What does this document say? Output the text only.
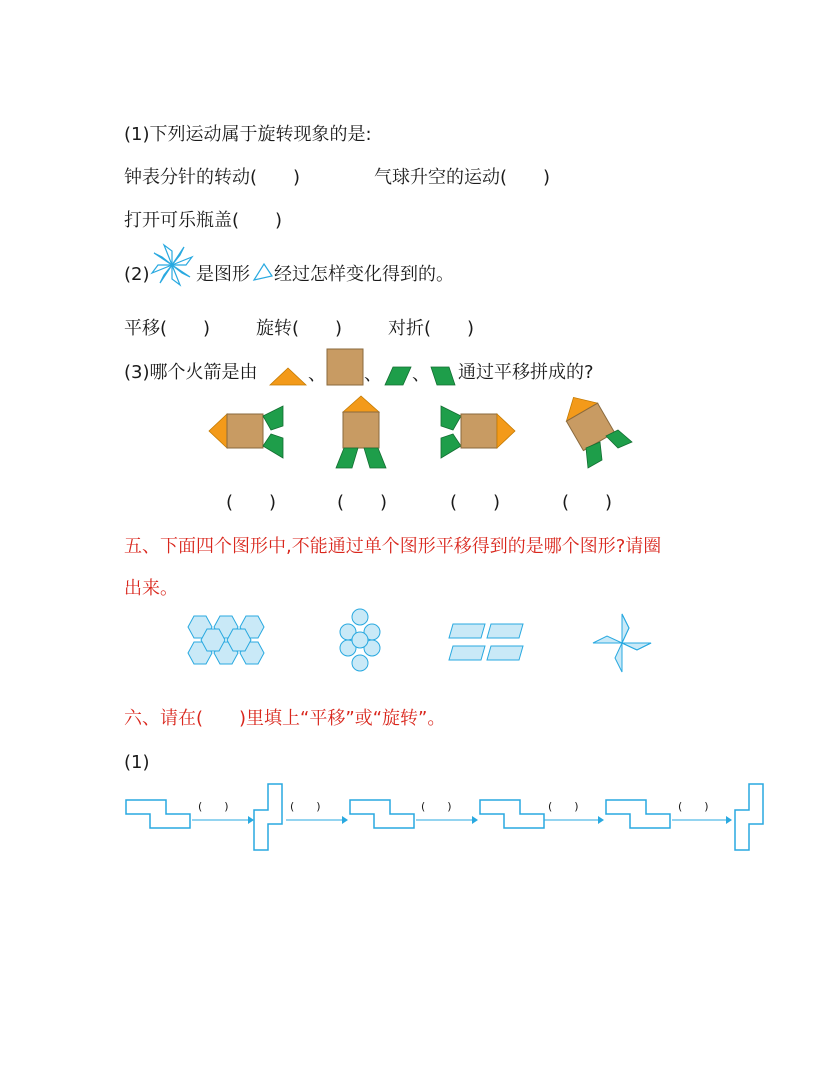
(1)下列运动属于旋转现象的是:
钟表分针的转动(　　)	气球升空的运动(　　)
打开可乐瓶盖(　　)
(2)	是图形 经过怎样变化得到的。
平移(　　)	旋转(　　)	对折(　　)
(3)哪个火箭是由	、 、 、 通过平移拼成的?
(　　)	(　　)	(　　)	(　　)
五、下面四个图形中,不能通过单个图形平移得到的是哪个图形?请圈
出来。
六、请在(　　)里填上“平移”或“旋转”。
(1)
(　　)	(　　)	(　　)	(　　)	(　　)
